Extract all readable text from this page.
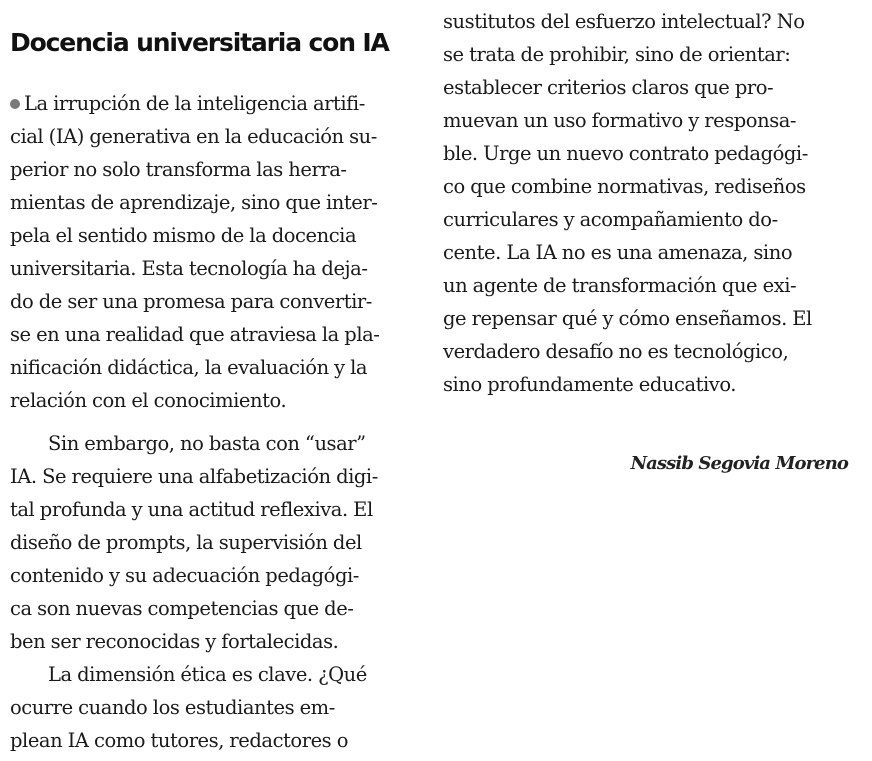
Docencia universitaria con IA
La irrupción de la inteligencia artifi-
cial (IA) generativa en la educación su-
perior no solo transforma las herra-
mientas de aprendizaje, sino que inter-
pela el sentido mismo de la docencia
universitaria. Esta tecnología ha deja-
do de ser una promesa para convertir-
se en una realidad que atraviesa la pla-
nificación didáctica, la evaluación y la
relación con el conocimiento.
Sin embargo, no basta con “usar”
IA. Se requiere una alfabetización digi-
tal profunda y una actitud reflexiva. El
diseño de prompts, la supervisión del
contenido y su adecuación pedagógi-
ca son nuevas competencias que de-
ben ser reconocidas y fortalecidas.
La dimensión ética es clave. ¿Qué
ocurre cuando los estudiantes em-
plean IA como tutores, redactores o
sustitutos del esfuerzo intelectual? No
se trata de prohibir, sino de orientar:
establecer criterios claros que pro-
muevan un uso formativo y responsa-
ble. Urge un nuevo contrato pedagógi-
co que combine normativas, rediseños
curriculares y acompañamiento do-
cente. La IA no es una amenaza, sino
un agente de transformación que exi-
ge repensar qué y cómo enseñamos. El
verdadero desafío no es tecnológico,
sino profundamente educativo.
Nassib Segovia Moreno
